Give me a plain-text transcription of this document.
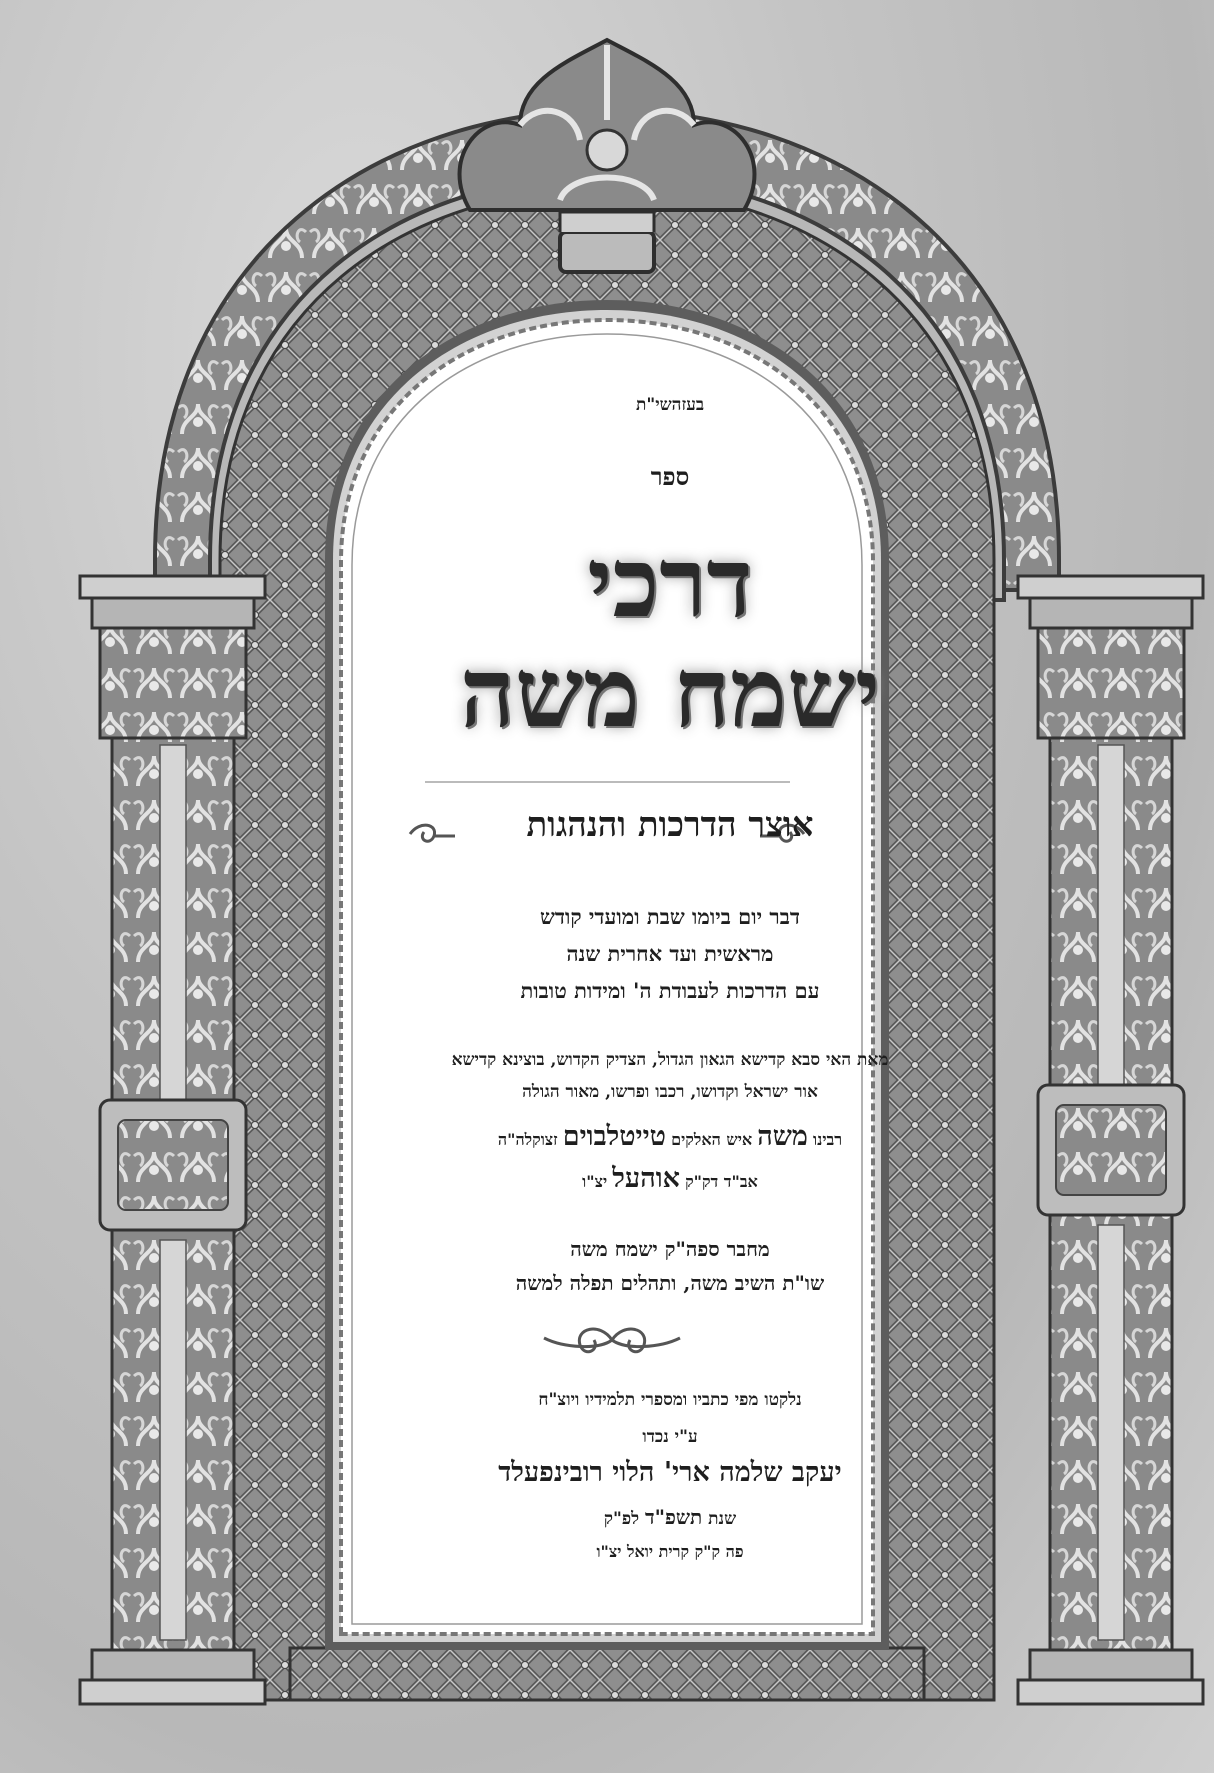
בעזהשי"ת

ספר

דרכי

ישמח משה

אוצר הדרכות והנהגות

דבר יום ביומו שבת ומועדי קודש

מראשית ועד אחרית שנה

עם הדרכות לעבודת ה' ומידות טובות

מאת האי סבא קדישא הגאון הגדול, הצדיק הקדוש, בוצינא קדישא

אור ישראל וקדושו, רכבו ופרשו, מאור הגולה

רבינו משה איש האלקים טייטלבוים זצוקלה"ה

אב"ד דק"ק אוהעל יצ"ו

מחבר ספה"ק ישמח משה

שו"ת השיב משה, ותהלים תפלה למשה

נלקטו מפי כתביו ומספרי תלמידיו ויוצ"ח

ע"י נכדו

יעקב שלמה ארי' הלוי רובינפעלד

שנת תשפ"ד לפ"ק

פה ק"ק קרית יואל יצ"ו
